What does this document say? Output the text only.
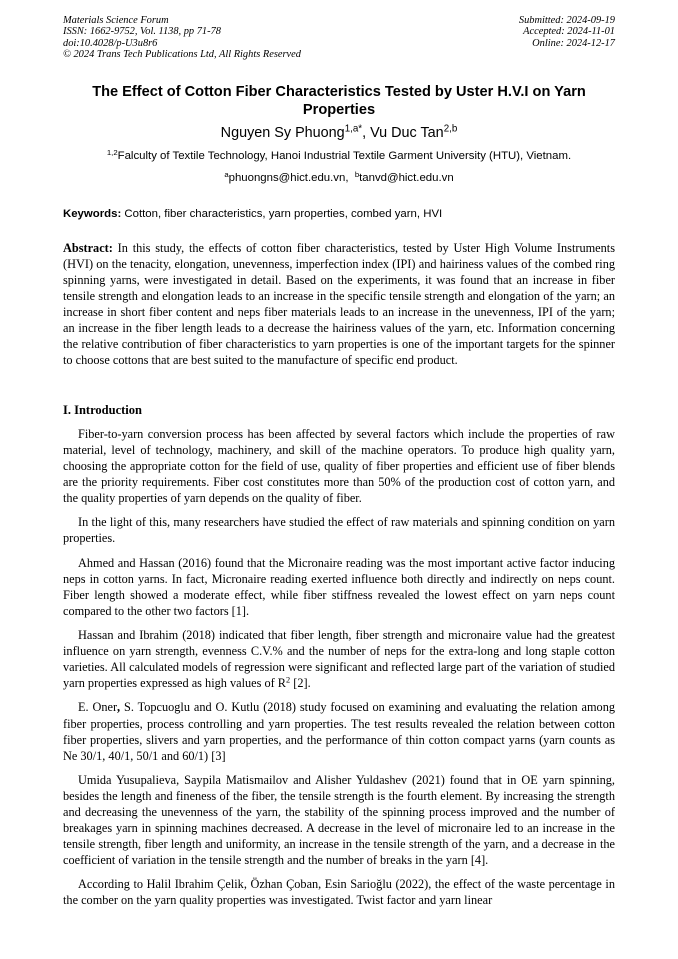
Materials Science Forum
ISSN: 1662-9752, Vol. 1138, pp 71-78
doi:10.4028/p-U3u8r6
© 2024 Trans Tech Publications Ltd, All Rights Reserved
Submitted: 2024-09-19
Accepted: 2024-11-01
Online: 2024-12-17
The Effect of Cotton Fiber Characteristics Tested by Uster H.V.I on Yarn
Properties
Nguyen Sy Phuong$^{1,a*}$, Vu Duc Tan$^{2,b}$
$^{1,2}$Falculty of Textile Technology, Hanoi Industrial Textile Garment University (HTU), Vietnam.
$^a$phuongns@hict.edu.vn, $^b$tanvd@hict.edu.vn
Keywords: Cotton, fiber characteristics, yarn properties, combed yarn, HVI

Abstract: In this study, the effects of cotton fiber characteristics, tested by Uster High Volume Instruments (HVI) on the tenacity, elongation, unevenness, imperfection index (IPI) and hairiness values of the combed ring spinning yarns, were investigated in detail. Based on the experiments, it was found that an increase in fiber tensile strength and elongation leads to an increase in the specific tensile strength and elongation of the yarn; an increase in short fiber content and neps fiber materials leads to an increase in the unevenness, IPI of the yarn; an increase in the fiber length leads to a decrease the hairiness values of the yarn, etc. Information concerning the relative contribution of fiber characteristics to yarn properties is one of the important targets for the spinner to choose cottons that are best suited to the manufacture of specific end product.

I. Introduction

Fiber-to-yarn conversion process has been affected by several factors which include the properties of raw material, level of technology, machinery, and skill of the machine operators. To produce high quality yarn, choosing the appropriate cotton for the field of use, quality of fiber properties and efficient use of fiber blends are the priority requirements. Fiber cost constitutes more than 50% of the production cost of cotton yarn, and the quality properties of yarn depends on the quality of fiber.

In the light of this, many researchers have studied the effect of raw materials and spinning condition on yarn properties.

Ahmed and Hassan (2016) found that the Micronaire reading was the most important active factor inducing neps in cotton yarns. In fact, Micronaire reading exerted influence both directly and indirectly on neps count. Fiber length showed a moderate effect, while fiber stiffness revealed the lowest effect on yarn neps count compared to the other two factors [1].

Hassan and Ibrahim (2018) indicated that fiber length, fiber strength and micronaire value had the greatest influence on yarn strength, evenness C.V.% and the number of neps for the extra-long and long staple cotton varieties. All calculated models of regression were significant and reflected large part of the variation of studied yarn properties expressed as high values of $R^2$ [2].

E. Oner, S. Topcuoglu and O. Kutlu (2018) study focused on examining and evaluating the relation among fiber properties, process controlling and yarn properties. The test results revealed the relation between cotton fiber properties, slivers and yarn properties, and the performance of thin cotton compact yarns (yarn counts as Ne 30/1, 40/1, 50/1 and 60/1) [3]

Umida Yusupalieva, Saypila Matismailov and Alisher Yuldashev (2021) found that in OE yarn spinning, besides the length and fineness of the fiber, the tensile strength is the fourth element. By increasing the strength and decreasing the unevenness of the yarn, the stability of the spinning process improved and the number of breakages yarn in spinning machines decreased. A decrease in the level of micronaire led to an increase in the tensile strength, fiber length and uniformity, an increase in the tensile strength of the yarn, and a decrease in the coefficient of variation in the tensile strength and the number of breaks in the yarn [4].

According to Halil Ibrahim Çelik, Özhan Çoban, Esin Sarioğlu (2022), the effect of the waste percentage in the comber on the yarn quality properties was investigated. Twist factor and yarn linear
